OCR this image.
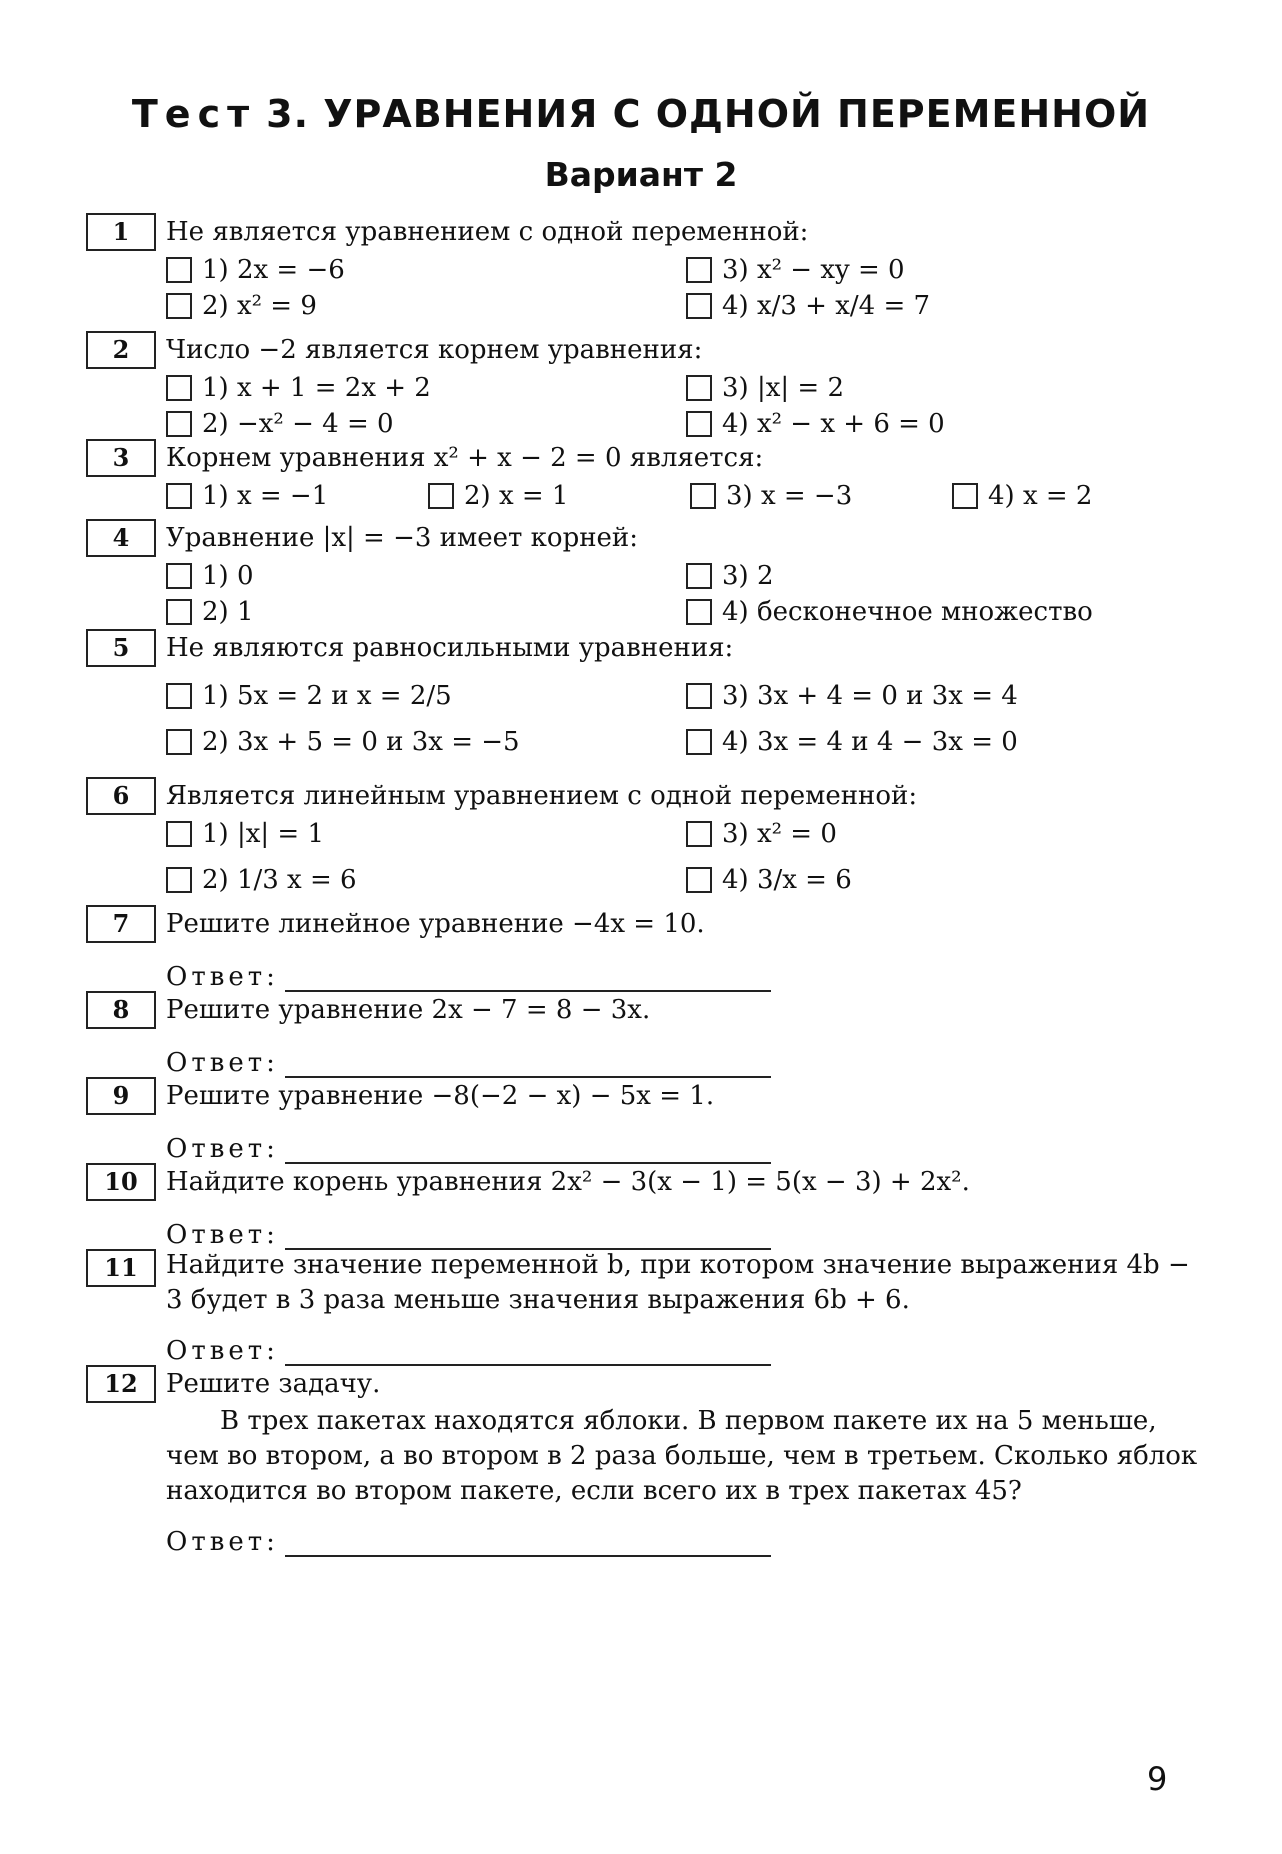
Тест 3. УРАВНЕНИЯ С ОДНОЙ ПЕРЕМЕННОЙ
Вариант 2
1	Не является уравнением с одной переменной:
1) 2x = −6	3) x² − xy = 0
2) x² = 9	4) x/3 + x/4 = 7
2	Число −2 является корнем уравнения:
1) x + 1 = 2x + 2	3) |x| = 2
2) −x² − 4 = 0	4) x² − x + 6 = 0
3	Корнем уравнения x² + x − 2 = 0 является:
1) x = −1	2) x = 1	3) x = −3	4) x = 2
4	Уравнение |x| = −3 имеет корней:
1) 0	3) 2
2) 1	4) бесконечное множество
5	Не являются равносильными уравнения:
1) 5x = 2 и x = 2/5	3) 3x + 4 = 0 и 3x = 4
2) 3x + 5 = 0 и 3x = −5	4) 3x = 4 и 4 − 3x = 0
6	Является линейным уравнением с одной переменной:
1) |x| = 1	3) x² = 0
2) 1/3 x = 6	4) 3/x = 6
7	Решите линейное уравнение −4x = 10.
Ответ:
8	Решите уравнение 2x − 7 = 8 − 3x.
Ответ:
9	Решите уравнение −8(−2 − x) − 5x = 1.
Ответ:
10	Найдите корень уравнения 2x² − 3(x − 1) = 5(x − 3) + 2x².
Ответ:
11	Найдите значение переменной b, при котором значение выражения 4b − 3 будет в 3 раза меньше значения выражения 6b + 6.
Ответ:
12	Решите задачу.
В трех пакетах находятся яблоки. В первом пакете их на 5 меньше, чем во втором, а во втором в 2 раза больше, чем в третьем. Сколько яблок находится во втором пакете, если всего их в трех пакетах 45?
Ответ:
9
